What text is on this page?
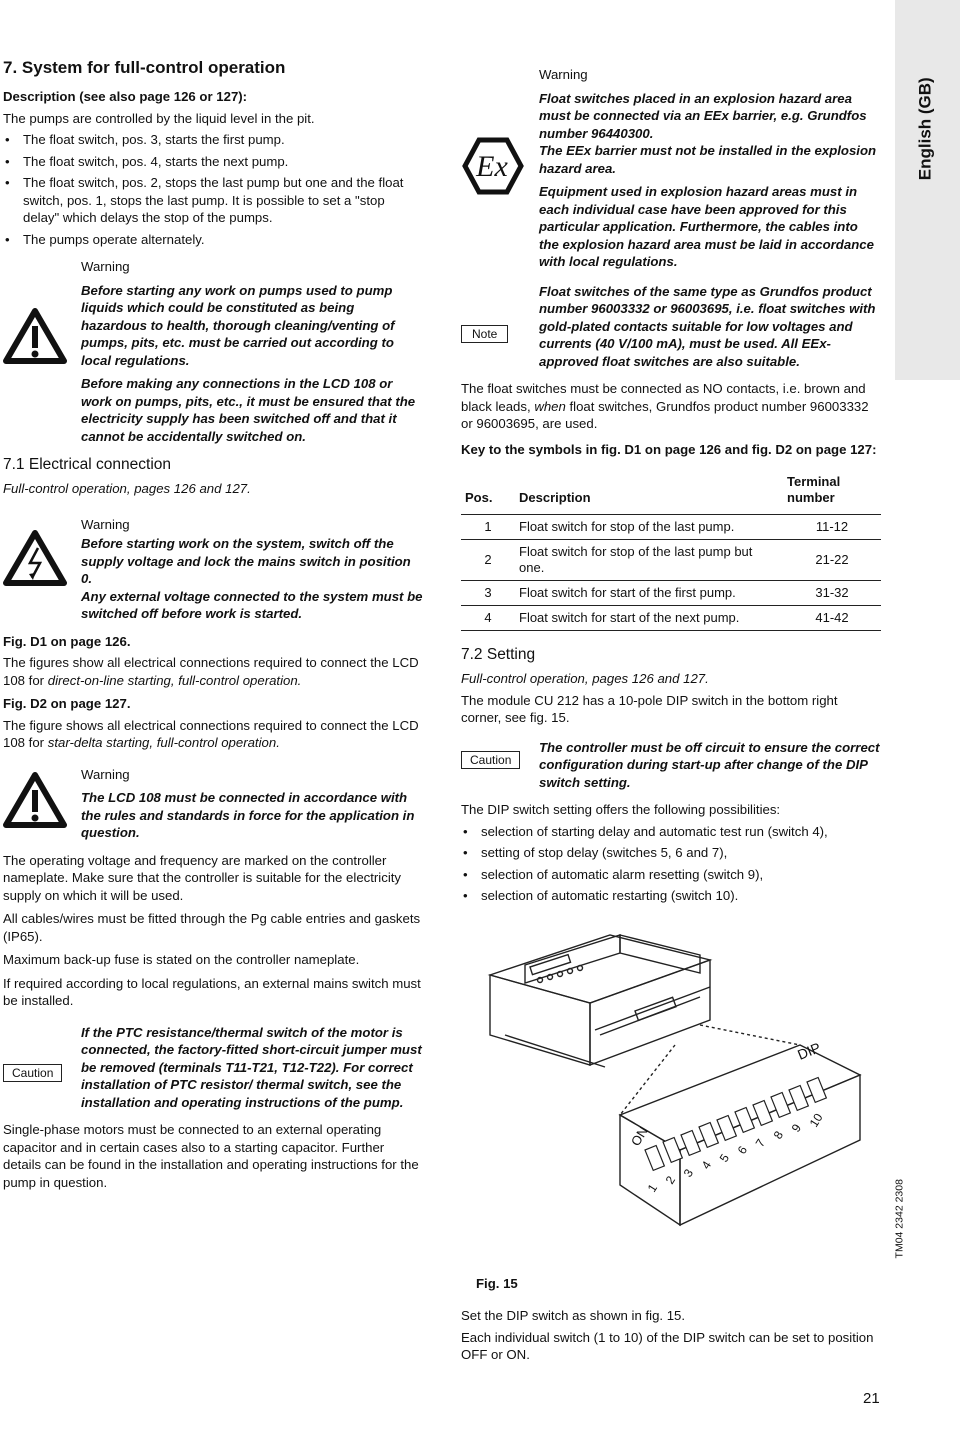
English (GB)
7. System for full-control operation

Description (see also page 126 or 127):

The pumps are controlled by the liquid level in the pit.

• The float switch, pos. 3, starts the first pump.
• The float switch, pos. 4, starts the next pump.
• The float switch, pos. 2, stops the last pump but one and the float switch, pos. 1, stops the last pump. It is possible to set a "stop delay" which delays the stop of the pumps.
• The pumps operate alternately.

Warning

Before starting any work on pumps used to pump liquids which could be constituted as being hazardous to health, thorough cleaning/venting of pumps, pits, etc. must be carried out according to local regulations.

Before making any connections in the LCD 108 or work on pumps, pits, etc., it must be ensured that the electricity supply has been switched off and that it cannot be accidentally switched on.

7.1 Electrical connection

Full-control operation, pages 126 and 127.

Warning

Before starting work on the system, switch off the supply voltage and lock the mains switch in position 0.

Any external voltage connected to the system must be switched off before work is started.

Fig. D1 on page 126.

The figures show all electrical connections required to connect the LCD 108 for direct-on-line starting, full-control operation.

Fig. D2 on page 127.

The figure shows all electrical connections required to connect the LCD 108 for star-delta starting, full-control operation.

Warning

The LCD 108 must be connected in accordance with the rules and standards in force for the application in question.

The operating voltage and frequency are marked on the controller nameplate. Make sure that the controller is suitable for the electricity supply on which it will be used.

All cables/wires must be fitted through the Pg cable entries and gaskets (IP65).

Maximum back-up fuse is stated on the controller nameplate.

If required according to local regulations, an external mains switch must be installed.

Caution

If the PTC resistance/thermal switch of the motor is connected, the factory-fitted short-circuit jumper must be removed (terminals T11-T21, T12-T22). For correct installation of PTC resistor/ thermal switch, see the installation and operating instructions of the pump.

Single-phase motors must be connected to an external operating capacitor and in certain cases also to a starting capacitor. Further details can be found in the installation and operating instructions for the pump in question.

Ex

Warning

Float switches placed in an explosion hazard area must be connected via an EEx barrier, e.g. Grundfos number 96440300.

The EEx barrier must not be installed in the explosion hazard area.

Equipment used in explosion hazard areas must in each individual case have been approved for this particular application. Furthermore, the cables into the explosion hazard area must be laid in accordance with local regulations.

Note

Float switches of the same type as Grundfos product number 96003332 or 96003695, i.e. float switches with gold-plated contacts suitable for low voltages and currents (40 V/100 mA), must be used. All EEx-approved float switches are also suitable.

The float switches must be connected as NO contacts, i.e. brown and black leads, when float switches, Grundfos product number 96003332 or 96003695, are used.

Key to the symbols in fig. D1 on page 126 and fig. D2 on page 127:

Pos.	Description	Terminal number
1	Float switch for stop of the last pump.	11-12
2	Float switch for stop of the last pump but one.	21-22
3	Float switch for start of the first pump.	31-32
4	Float switch for start of the next pump.	41-42
7.2 Setting

Full-control operation, pages 126 and 127.

The module CU 212 has a 10-pole DIP switch in the bottom right corner, see fig. 15.

Caution

The controller must be off circuit to ensure the correct configuration during start-up after change of the DIP switch setting.

The DIP switch setting offers the following possibilities:

• selection of starting delay and automatic test run (switch 4),
• setting of stop delay (switches 5, 6 and 7),
• selection of automatic alarm resetting (switch 9),
• selection of automatic restarting (switch 10).
ON
DIP
1
2
3
4
5
6
7
8
9 10
TM04 2342 2308
Fig. 15

Set the DIP switch as shown in fig. 15.

Each individual switch (1 to 10) of the DIP switch can be set to position OFF or ON.

21
